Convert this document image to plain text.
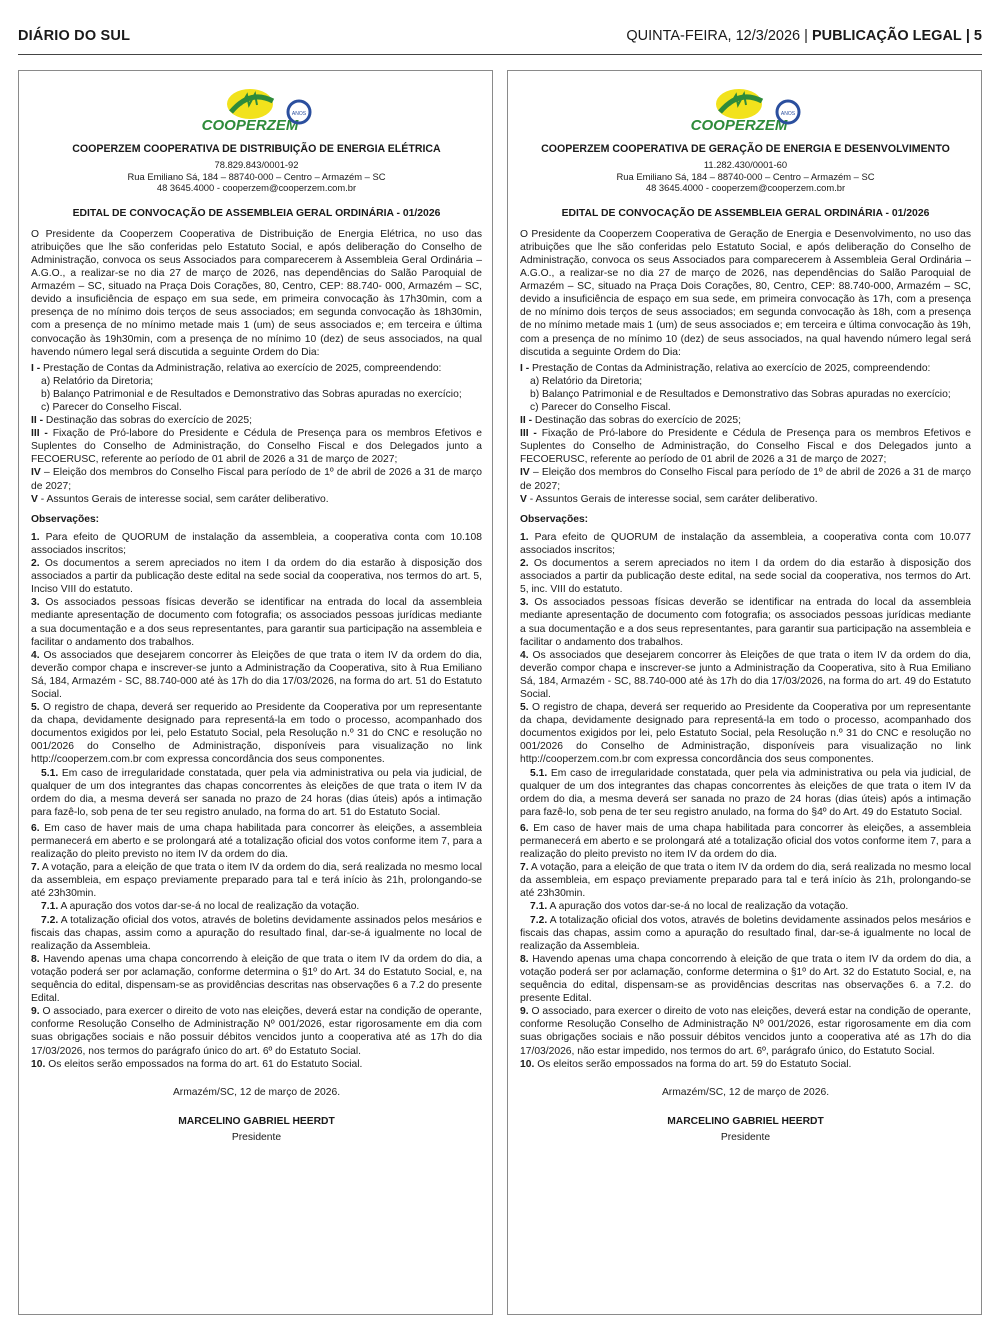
DIÁRIO DO SUL	QUINTA-FEIRA, 12/3/2026 | PUBLICAÇÃO LEGAL | 5
COOPERZEM
ANOS
COOPERZEM COOPERATIVA DE DISTRIBUIÇÃO DE ENERGIA ELÉTRICA
78.829.843/0001-92
Rua Emiliano Sá, 184 – 88740-000 – Centro – Armazém – SC
48 3645.4000 - cooperzem@cooperzem.com.br
EDITAL DE CONVOCAÇÃO DE ASSEMBLEIA GERAL ORDINÁRIA - 01/2026

O Presidente da Cooperzem Cooperativa de Distribuição de Energia Elétrica, no uso das atribuições que lhe são conferidas pelo Estatuto Social, e após deliberação do Conselho de Administração, convoca os seus Associados para comparecerem à Assembleia Geral Ordinária – A.G.O., a realizar-se no dia 27 de março de 2026, nas dependências do Salão Paroquial de Armazém – SC, situado na Praça Dois Corações, 80, Centro, CEP: 88.740- 000, Armazém – SC, devido a insuficiência de espaço em sua sede, em primeira convocação às 17h30min, com a presença de no mínimo dois terços de seus associados; em segunda convocação às 18h30min, com a presença de no mínimo metade mais 1 (um) de seus associados e; em terceira e última convocação às 19h30min, com a presença de no mínimo 10 (dez) de seus associados, na qual havendo número legal será discutida a seguinte Ordem do Dia:

I - Prestação de Contas da Administração, relativa ao exercício de 2025, compreendendo:

a) Relatório da Diretoria;

b) Balanço Patrimonial e de Resultados e Demonstrativo das Sobras apuradas no exercício;

c) Parecer do Conselho Fiscal.

II - Destinação das sobras do exercício de 2025;

III - Fixação de Pró-labore do Presidente e Cédula de Presença para os membros Efetivos e Suplentes do Conselho de Administração, do Conselho Fiscal e dos Delegados junto a FECOERUSC, referente ao período de 01 abril de 2026 a 31 de março de 2027;

IV – Eleição dos membros do Conselho Fiscal para período de 1º de abril de 2026 a 31 de março de 2027;

V - Assuntos Gerais de interesse social, sem caráter deliberativo.

Observações:

1. Para efeito de QUORUM de instalação da assembleia, a cooperativa conta com 10.108 associados inscritos;

2. Os documentos a serem apreciados no item I da ordem do dia estarão à disposição dos associados a partir da publicação deste edital na sede social da cooperativa, nos termos do art. 5, Inciso VIII do estatuto.

3. Os associados pessoas físicas deverão se identificar na entrada do local da assembleia mediante apresentação de documento com fotografia; os associados pessoas jurídicas mediante a sua documentação e a dos seus representantes, para garantir sua participação na assembleia e facilitar o andamento dos trabalhos.

4. Os associados que desejarem concorrer às Eleições de que trata o item IV da ordem do dia, deverão compor chapa e inscrever-se junto a Administração da Cooperativa, sito à Rua Emiliano Sá, 184, Armazém - SC, 88.740-000 até às 17h do dia 17/03/2026, na forma do art. 51 do Estatuto Social.

5. O registro de chapa, deverá ser requerido ao Presidente da Cooperativa por um representante da chapa, devidamente designado para representá-la em todo o processo, acompanhado dos documentos exigidos por lei, pelo Estatuto Social, pela Resolução n.º 31 do CNC e resolução no 001/2026 do Conselho de Administração, disponíveis para visualização no link http://cooperzem.com.br com expressa concordância dos seus componentes.

5.1. Em caso de irregularidade constatada, quer pela via administrativa ou pela via judicial, de qualquer de um dos integrantes das chapas concorrentes às eleições de que trata o item IV da ordem do dia, a mesma deverá ser sanada no prazo de 24 horas (dias úteis) após a intimação para fazê-lo, sob pena de ter seu registro anulado, na forma do art. 51 do Estatuto Social.

6. Em caso de haver mais de uma chapa habilitada para concorrer às eleições, a assembleia permanecerá em aberto e se prolongará até a totalização oficial dos votos conforme item 7, para a realização do pleito previsto no item IV da ordem do dia.

7. A votação, para a eleição de que trata o item IV da ordem do dia, será realizada no mesmo local da assembleia, em espaço previamente preparado para tal e terá início às 21h, prolongando-se até 23h30min.

7.1. A apuração dos votos dar-se-á no local de realização da votação.

7.2. A totalização oficial dos votos, através de boletins devidamente assinados pelos mesários e fiscais das chapas, assim como a apuração do resultado final, dar-se-á igualmente no local de realização da Assembleia.

8. Havendo apenas uma chapa concorrendo à eleição de que trata o item IV da ordem do dia, a votação poderá ser por aclamação, conforme determina o §1º do Art. 34 do Estatuto Social, e, na sequência do edital, dispensam-se as providências descritas nas observações 6 a 7.2 do presente Edital.

9. O associado, para exercer o direito de voto nas eleições, deverá estar na condição de operante, conforme Resolução Conselho de Administração Nº 001/2026, estar rigorosamente em dia com suas obrigações sociais e não possuir débitos vencidos junto a cooperativa até as 17h do dia 17/03/2026, nos termos do parágrafo único do art. 6º do Estatuto Social.

10. Os eleitos serão empossados na forma do art. 61 do Estatuto Social.

Armazém/SC, 12 de março de 2026.
MARCELINO GABRIEL HEERDT
Presidente
COOPERZEM
ANOS
COOPERZEM COOPERATIVA DE GERAÇÃO DE ENERGIA E DESENVOLVIMENTO
11.282.430/0001-60
Rua Emiliano Sá, 184 – 88740-000 – Centro – Armazém – SC
48 3645.4000 - cooperzem@cooperzem.com.br
EDITAL DE CONVOCAÇÃO DE ASSEMBLEIA GERAL ORDINÁRIA - 01/2026

O Presidente da Cooperzem Cooperativa de Geração de Energia e Desenvolvimento, no uso das atribuições que lhe são conferidas pelo Estatuto Social, e após deliberação do Conselho de Administração, convoca os seus Associados para comparecerem à Assembleia Geral Ordinária – A.G.O., a realizar-se no dia 27 de março de 2026, nas dependências do Salão Paroquial de Armazém – SC, situado na Praça Dois Corações, 80, Centro, CEP: 88.740-000, Armazém – SC, devido a insuficiência de espaço em sua sede, em primeira convocação às 17h, com a presença de no mínimo dois terços de seus associados; em segunda convocação às 18h, com a presença de no mínimo metade mais 1 (um) de seus associados e; em terceira e última convocação às 19h, com a presença de no mínimo 10 (dez) de seus associados, na qual havendo número legal será discutida a seguinte Ordem do Dia:

I - Prestação de Contas da Administração, relativa ao exercício de 2025, compreendendo:

a) Relatório da Diretoria;

b) Balanço Patrimonial e de Resultados e Demonstrativo das Sobras apuradas no exercício;

c) Parecer do Conselho Fiscal.

II - Destinação das sobras do exercício de 2025;

III - Fixação de Pró-labore do Presidente e Cédula de Presença para os membros Efetivos e Suplentes do Conselho de Administração, do Conselho Fiscal e dos Delegados junto a FECOERUSC, referente ao período de 01 abril de 2026 a 31 de março de 2027;

IV – Eleição dos membros do Conselho Fiscal para período de 1º de abril de 2026 a 31 de março de 2027;

V - Assuntos Gerais de interesse social, sem caráter deliberativo.

Observações:

1. Para efeito de QUORUM de instalação da assembleia, a cooperativa conta com 10.077 associados inscritos;

2. Os documentos a serem apreciados no item I da ordem do dia estarão à disposição dos associados a partir da publicação deste edital, na sede social da cooperativa, nos termos do Art. 5, inc. VIII do estatuto.

3. Os associados pessoas físicas deverão se identificar na entrada do local da assembleia mediante apresentação de documento com fotografia; os associados pessoas jurídicas mediante a sua documentação e a dos seus representantes, para garantir sua participação na assembleia e facilitar o andamento dos trabalhos.

4. Os associados que desejarem concorrer às Eleições de que trata o item IV da ordem do dia, deverão compor chapa e inscrever-se junto a Administração da Cooperativa, sito à Rua Emiliano Sá, 184, Armazém - SC, 88.740-000 até às 17h do dia 17/03/2026, na forma do art. 49 do Estatuto Social.

5. O registro de chapa, deverá ser requerido ao Presidente da Cooperativa por um representante da chapa, devidamente designado para representá-la em todo o processo, acompanhado dos documentos exigidos por lei, pelo Estatuto Social, pela Resolução n.º 31 do CNC e resolução no 001/2026 do Conselho de Administração, disponíveis para visualização no link http://cooperzem.com.br com expressa concordância dos seus componentes.

5.1. Em caso de irregularidade constatada, quer pela via administrativa ou pela via judicial, de qualquer de um dos integrantes das chapas concorrentes às eleições de que trata o item IV da ordem do dia, a mesma deverá ser sanada no prazo de 24 horas (dias úteis) após a intimação para fazê-lo, sob pena de ter seu registro anulado, na forma do §4º do Art. 49 do Estatuto Social.

6. Em caso de haver mais de uma chapa habilitada para concorrer às eleições, a assembleia permanecerá em aberto e se prolongará até a totalização oficial dos votos conforme item 7, para a realização do pleito previsto no item IV da ordem do dia.

7. A votação, para a eleição de que trata o item IV da ordem do dia, será realizada no mesmo local da assembleia, em espaço previamente preparado para tal e terá início às 21h, prolongando-se até 23h30min.

7.1. A apuração dos votos dar-se-á no local de realização da votação.

7.2. A totalização oficial dos votos, através de boletins devidamente assinados pelos mesários e fiscais das chapas, assim como a apuração do resultado final, dar-se-á igualmente no local de realização da Assembleia.

8. Havendo apenas uma chapa concorrendo à eleição de que trata o item IV da ordem do dia, a votação poderá ser por aclamação, conforme determina o §1º do Art. 32 do Estatuto Social, e, na sequência do edital, dispensam-se as providências descritas nas observações 6. a 7.2. do presente Edital.

9. O associado, para exercer o direito de voto nas eleições, deverá estar na condição de operante, conforme Resolução Conselho de Administração Nº 001/2026, estar rigorosamente em dia com suas obrigações sociais e não possuir débitos vencidos junto a cooperativa até as 17h do dia 17/03/2026, não estar impedido, nos termos do art. 6º, parágrafo único, do Estatuto Social.

10. Os eleitos serão empossados na forma do art. 59 do Estatuto Social.

Armazém/SC, 12 de março de 2026.
MARCELINO GABRIEL HEERDT
Presidente
